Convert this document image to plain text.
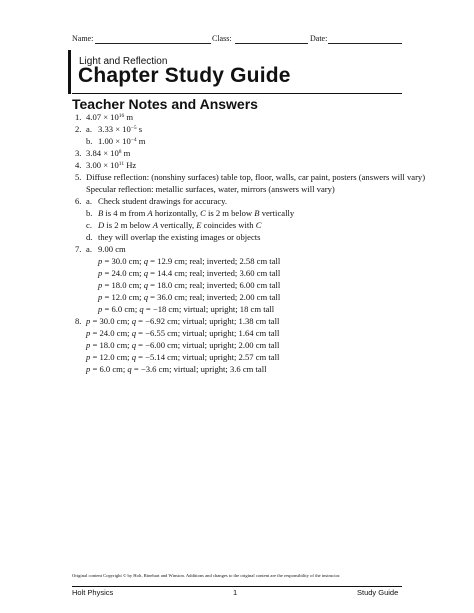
Name:	Class:	Date:
Light and Reflection
Chapter Study Guide
Teacher Notes and Answers
1. $4.07 \times 10^{16}$ m
2. a. $3.33 \times 10^{-5}$ s
b. $1.00 \times 10^{-4}$ m
3. $3.84 \times 10^8$ m
4. $3.00 \times 10^{11}$ Hz
5. Diffuse reflection: (nonshiny surfaces) table top, floor, walls, car paint, posters (answers will vary)
Specular reflection: metallic surfaces, water, mirrors (answers will vary)
6. a. Check student drawings for accuracy.
b. B is 4 m from A horizontally, C is 2 m below B vertically
c. D is 2 m below A vertically, E coincides with C
d. they will overlap the existing images or objects
7. a. 9.00 cm
p = 30.0 cm; q = 12.9 cm; real; inverted; 2.58 cm tall
p = 24.0 cm; q = 14.4 cm; real; inverted; 3.60 cm tall
p = 18.0 cm; q = 18.0 cm; real; inverted; 6.00 cm tall
p = 12.0 cm; q = 36.0 cm; real; inverted; 2.00 cm tall
p = 6.0 cm; q = −18 cm; virtual; upright; 18 cm tall
8. p = 30.0 cm; q = −6.92 cm; virtual; upright; 1.38 cm tall
p = 24.0 cm; q = −6.55 cm; virtual; upright; 1.64 cm tall
p = 18.0 cm; q = −6.00 cm; virtual; upright; 2.00 cm tall
p = 12.0 cm; q = −5.14 cm; virtual; upright; 2.57 cm tall
p = 6.0 cm; q = −3.6 cm; virtual; upright; 3.6 cm tall
Original content Copyright © by Holt, Rinehart and Winston. Additions and changes to the original content are the responsibility of the instructor.
Holt Physics	1	Study Guide
